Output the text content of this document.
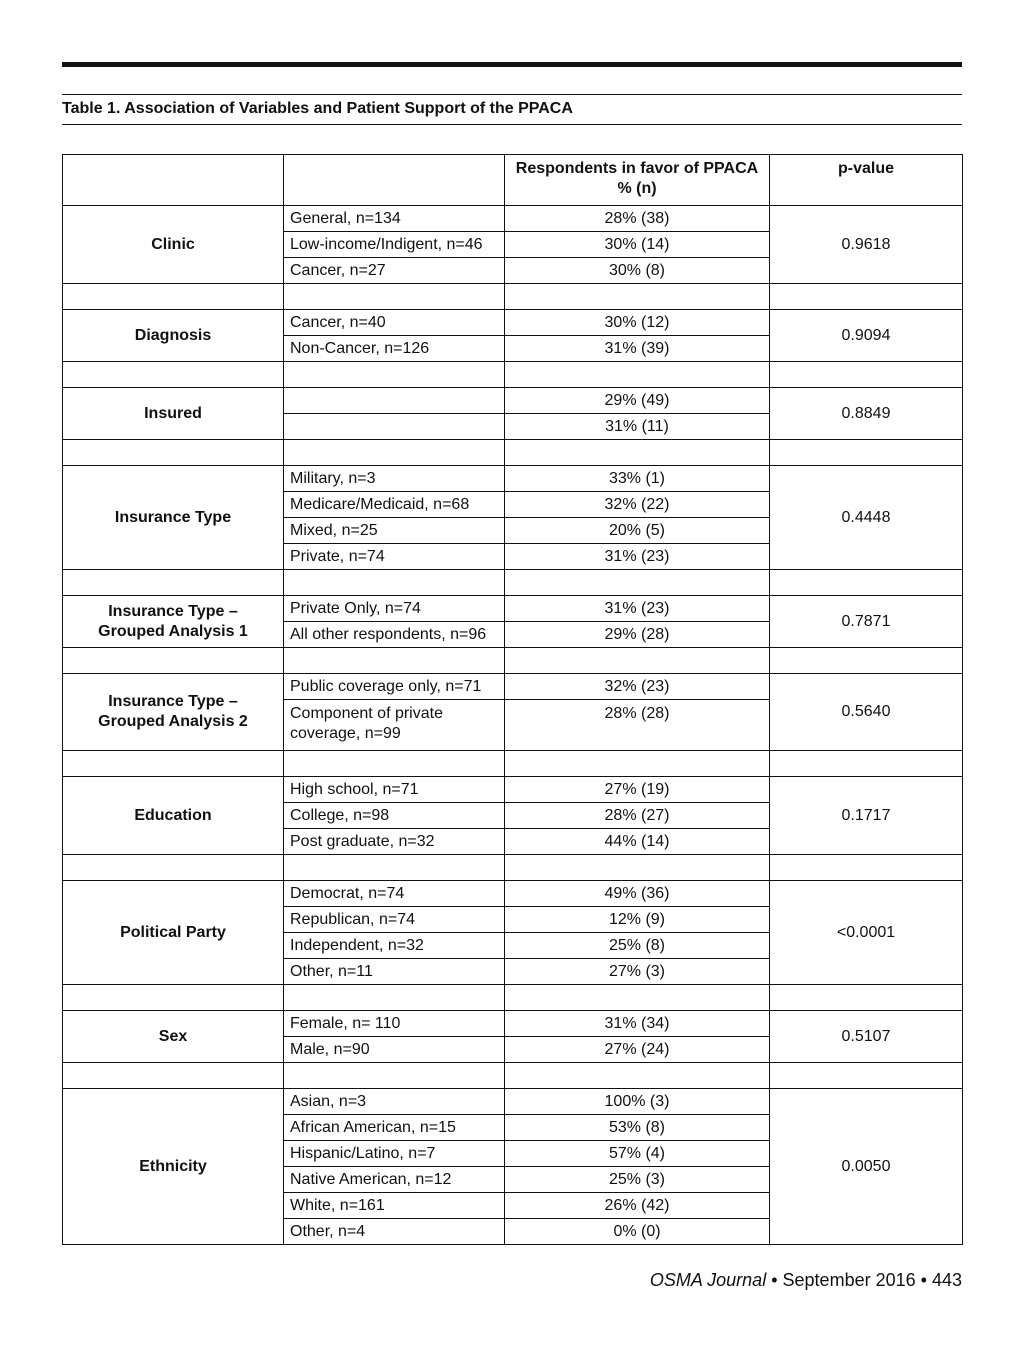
Table 1. Association of Variables and Patient Support of the PPACA
		Respondents in favor of PPACA
% (n)	p-value
Clinic	General, n=134	28% (38)	0.9618
	Low-income/Indigent, n=46	30% (14)	
	Cancer, n=27	30% (8)	

Diagnosis	Cancer, n=40	30% (12)	0.9094
	Non-Cancer, n=126	31% (39)	

Insured		29% (49)	0.8849
		31% (11)	

Insurance Type	Military, n=3	33% (1)	0.4448
	Medicare/Medicaid, n=68	32% (22)	
	Mixed, n=25	20% (5)	
	Private, n=74	31% (23)	

Insurance Type –
Grouped Analysis 1	Private Only, n=74	31% (23)	0.7871
	All other respondents, n=96	29% (28)	

Insurance Type –
Grouped Analysis 2	Public coverage only, n=71	32% (23)	0.5640
	Component of private
coverage, n=99	28% (28)	

Education	High school, n=71	27% (19)	0.1717
	College, n=98	28% (27)	
	Post graduate, n=32	44% (14)	

Political Party	Democrat, n=74	49% (36)	<0.0001
	Republican, n=74	12% (9)	
	Independent, n=32	25% (8)	
	Other, n=11	27% (3)	

Sex	Female, n= 110	31% (34)	0.5107
	Male, n=90	27% (24)	

Ethnicity	Asian, n=3	100% (3)	0.0050
	African American, n=15	53% (8)	
	Hispanic/Latino, n=7	57% (4)	
	Native American, n=12	25% (3)	
	White, n=161	26% (42)	
	Other, n=4	0% (0)	
OSMA Journal • September 2016 • 443
